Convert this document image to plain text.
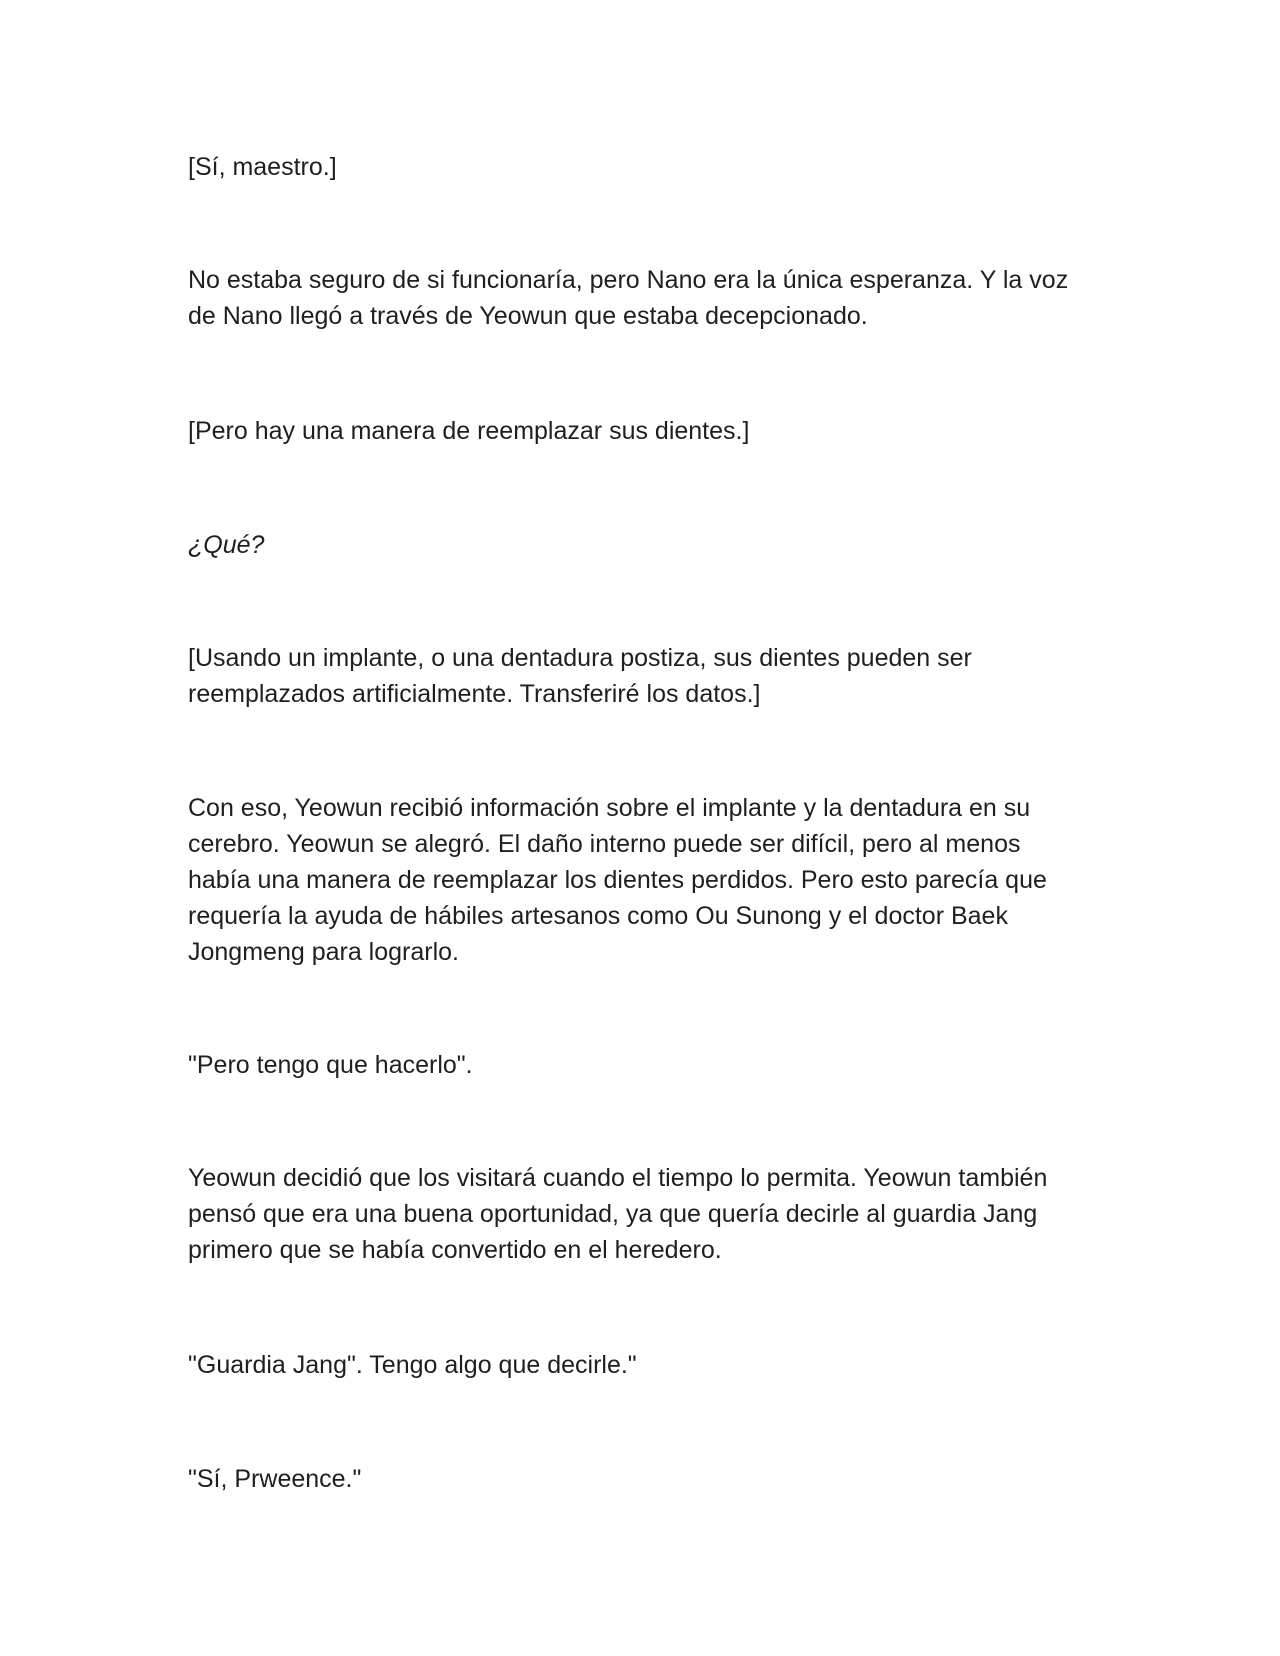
[Sí, maestro.]

No estaba seguro de si funcionaría, pero Nano era la única esperanza. Y la voz de Nano llegó a través de Yeowun que estaba decepcionado.

[Pero hay una manera de reemplazar sus dientes.]

¿Qué?

[Usando un implante, o una dentadura postiza, sus dientes pueden ser reemplazados artificialmente. Transferiré los datos.]

Con eso, Yeowun recibió información sobre el implante y la dentadura en su cerebro. Yeowun se alegró. El daño interno puede ser difícil, pero al menos había una manera de reemplazar los dientes perdidos. Pero esto parecía que requería la ayuda de hábiles artesanos como Ou Sunong y el doctor Baek Jongmeng para lograrlo.

"Pero tengo que hacerlo".

Yeowun decidió que los visitará cuando el tiempo lo permita. Yeowun también pensó que era una buena oportunidad, ya que quería decirle al guardia Jang primero que se había convertido en el heredero.

"Guardia Jang". Tengo algo que decirle."

"Sí, Prweence."
